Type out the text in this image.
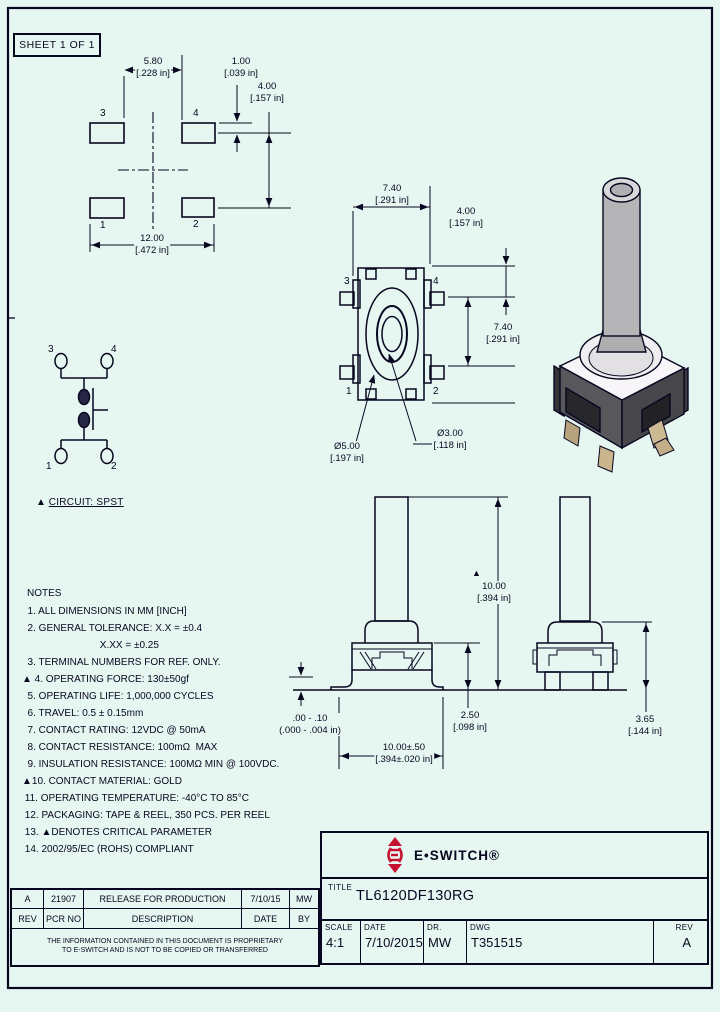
SHEET 1 OF 1
3	4
1	2
3	4
1	2
3	4
1	2
▲ CIRCUIT: SPST
5.80
[.228 in]
1.00
[.039 in]
4.00
[.157 in]
12.00
[.472 in]
7.40
[.291 in]
4.00
[.157 in]
7.40
[.291 in]
Ø5.00
[.197 in]
Ø3.00
[.118 in]
▲
10.00
[.394 in]
.00 - .10
(.000 - .004 in)
10.00±.50
[.394±.020 in]
2.50
[.098 in]
3.65
[.144 in]
NOTES
1. ALL DIMENSIONS IN MM [INCH]
2. GENERAL TOLERANCE: X.X = ±0.4
X.XX = ±0.25
3. TERMINAL NUMBERS FOR REF. ONLY.
▲ 4. OPERATING FORCE: 130±50gf
5. OPERATING LIFE: 1,000,000 CYCLES
6. TRAVEL: 0.5 ± 0.15mm
7. CONTACT RATING: 12VDC @ 50mA
8. CONTACT RESISTANCE: 100mΩ  MAX
9. INSULATION RESISTANCE: 100MΩ MIN @ 100VDC.
▲10. CONTACT MATERIAL: GOLD
11. OPERATING TEMPERATURE: -40°C TO 85°C
12. PACKAGING: TAPE & REEL, 350 PCS. PER REEL
13. ▲DENOTES CRITICAL PARAMETER
14. 2002/95/EC (ROHS) COMPLIANT
A	21907	RELEASE FOR PRODUCTION	7/10/15	MW
REV	PCR NO	DESCRIPTION	DATE	BY
THE INFORMATION CONTAINED IN THIS DOCUMENT IS PROPRIETARY
TO E-SWITCH AND IS NOT TO BE COPIED OR TRANSFERRED
E•SWITCH®
TITLE
TL6120DF130RG
SCALE
4:1
DATE
7/10/2015
DR.
MW
DWG
T351515
REV
A
